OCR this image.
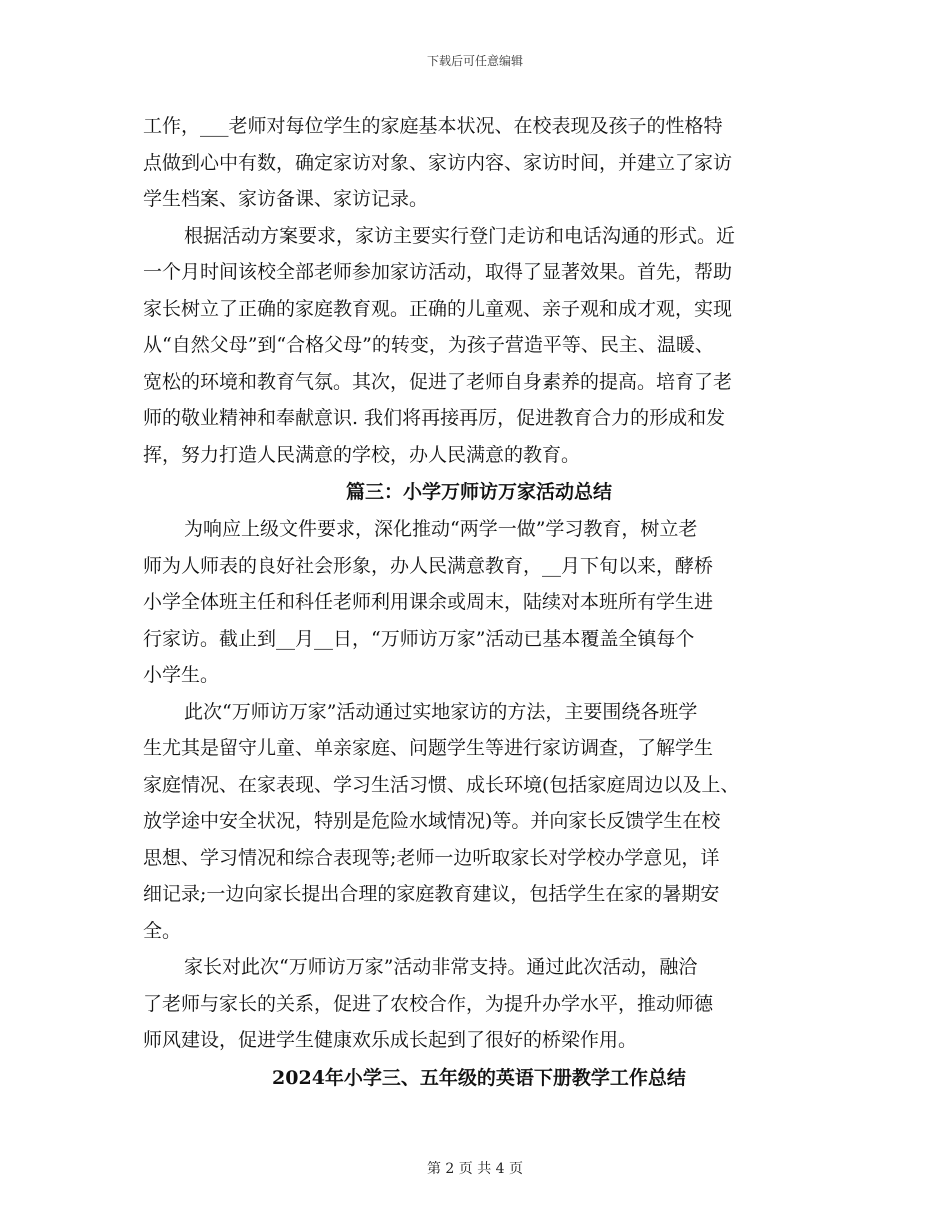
下载后可任意编辑
工作，___老师对每位学生的家庭基本状况、在校表现及孩子的性格特
点做到心中有数，确定家访对象、家访内容、家访时间，并建立了家访
学生档案、家访备课、家访记录。
根据活动方案要求，家访主要实行登门走访和电话沟通的形式。近
一个月时间该校全部老师参加家访活动，取得了显著效果。首先，帮助
家长树立了正确的家庭教育观。正确的儿童观、亲子观和成才观，实现
从“自然父母”到“合格父母”的转变，为孩子营造平等、民主、温暖、
宽松的环境和教育气氛。其次，促进了老师自身素养的提高。培育了老
师的敬业精神和奉献意识. 我们将再接再厉，促进教育合力的形成和发
挥，努力打造人民满意的学校，办人民满意的教育。
篇三：小学万师访万家活动总结
为响应上级文件要求，深化推动“两学一做”学习教育，树立老
师为人师表的良好社会形象，办人民满意教育，__月下旬以来，酵桥
小学全体班主任和科任老师利用课余或周末，陆续对本班所有学生进
行家访。截止到__月__日，“万师访万家”活动已基本覆盖全镇每个
小学生。
此次“万师访万家”活动通过实地家访的方法，主要围绕各班学
生尤其是留守儿童、单亲家庭、问题学生等进行家访调查，了解学生
家庭情况、在家表现、学习生活习惯、成长环境(包括家庭周边以及上、
放学途中安全状况，特别是危险水域情况)等。并向家长反馈学生在校
思想、学习情况和综合表现等;老师一边听取家长对学校办学意见，详
细记录;一边向家长提出合理的家庭教育建议，包括学生在家的暑期安
全。
家长对此次“万师访万家”活动非常支持。通过此次活动，融洽
了老师与家长的关系，促进了农校合作，为提升办学水平，推动师德
师风建设，促进学生健康欢乐成长起到了很好的桥梁作用。
2024年小学三、五年级的英语下册教学工作总结
第 2 页 共 4 页
